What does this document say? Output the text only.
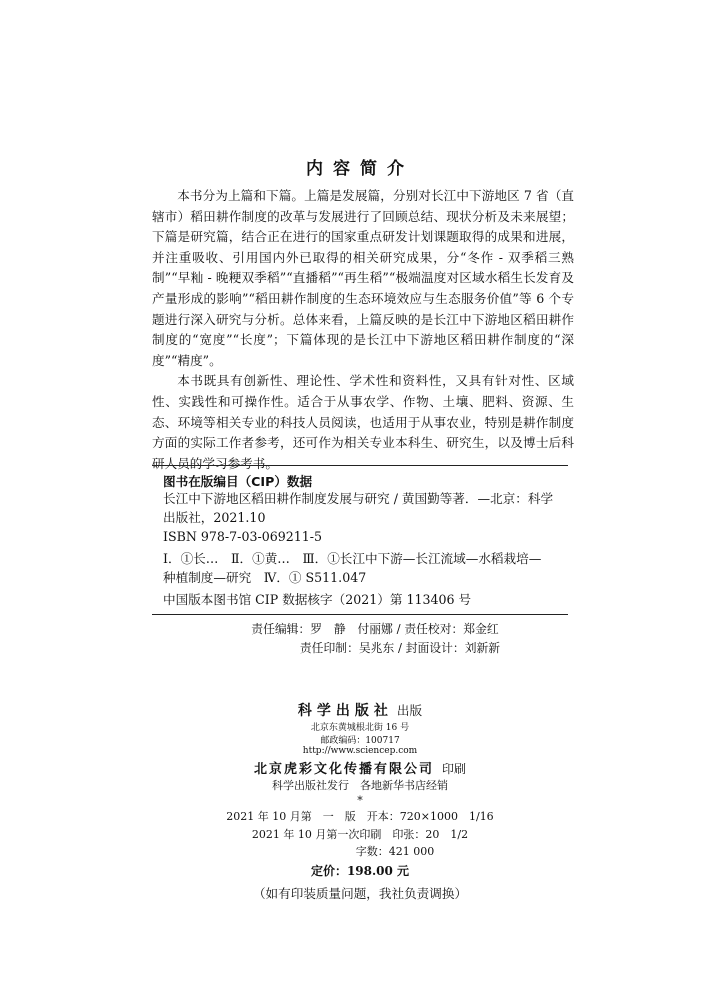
内容简介

本书分为上篇和下篇。上篇是发展篇，分别对长江中下游地区 7 省（直辖市）稻田耕作制度的改革与发展进行了回顾总结、现状分析及未来展望；下篇是研究篇，结合正在进行的国家重点研发计划课题取得的成果和进展，并注重吸收、引用国内外已取得的相关研究成果，分“冬作 - 双季稻三熟制”“早籼 - 晚粳双季稻”“直播稻”“再生稻”“极端温度对区域水稻生长发育及产量形成的影响”“稻田耕作制度的生态环境效应与生态服务价值”等 6 个专题进行深入研究与分析。总体来看，上篇反映的是长江中下游地区稻田耕作制度的“宽度”“长度”；下篇体现的是长江中下游地区稻田耕作制度的“深度”“精度”。

本书既具有创新性、理论性、学术性和资料性，又具有针对性、区域性、实践性和可操作性。适合于从事农学、作物、土壤、肥料、资源、生态、环境等相关专业的科技人员阅读，也适用于从事农业，特别是耕作制度方面的实际工作者参考，还可作为相关专业本科生、研究生，以及博士后科研人员的学习参考书。

图书在版编目（CIP）数据
长江中下游地区稻田耕作制度发展与研究 / 黄国勤等著．—北京：科学
出版社，2021.10
ISBN 978-7-03-069211-5
Ⅰ．①长…　Ⅱ．①黄…　Ⅲ．①长江中下游—长江流域—水稻栽培—
种植制度—研究　Ⅳ．① S511.047
中国版本图书馆 CIP 数据核字（2021）第 113406 号
责任编辑：罗　静　付丽娜 / 责任校对：郑金红
责任印制：吴兆东 / 封面设计：刘新新
科学出版社 出版
北京东黄城根北街 16 号
邮政编码：100717
http://www.sciencep.com
北京虎彩文化传播有限公司 印刷
科学出版社发行　各地新华书店经销
*
2021 年 10 月第　一　版　开本：720×1000　1/16
2021 年 10 月第一次印刷　印张：20　1/2
字数：421 000
定价：198.00 元
（如有印装质量问题，我社负责调换）
